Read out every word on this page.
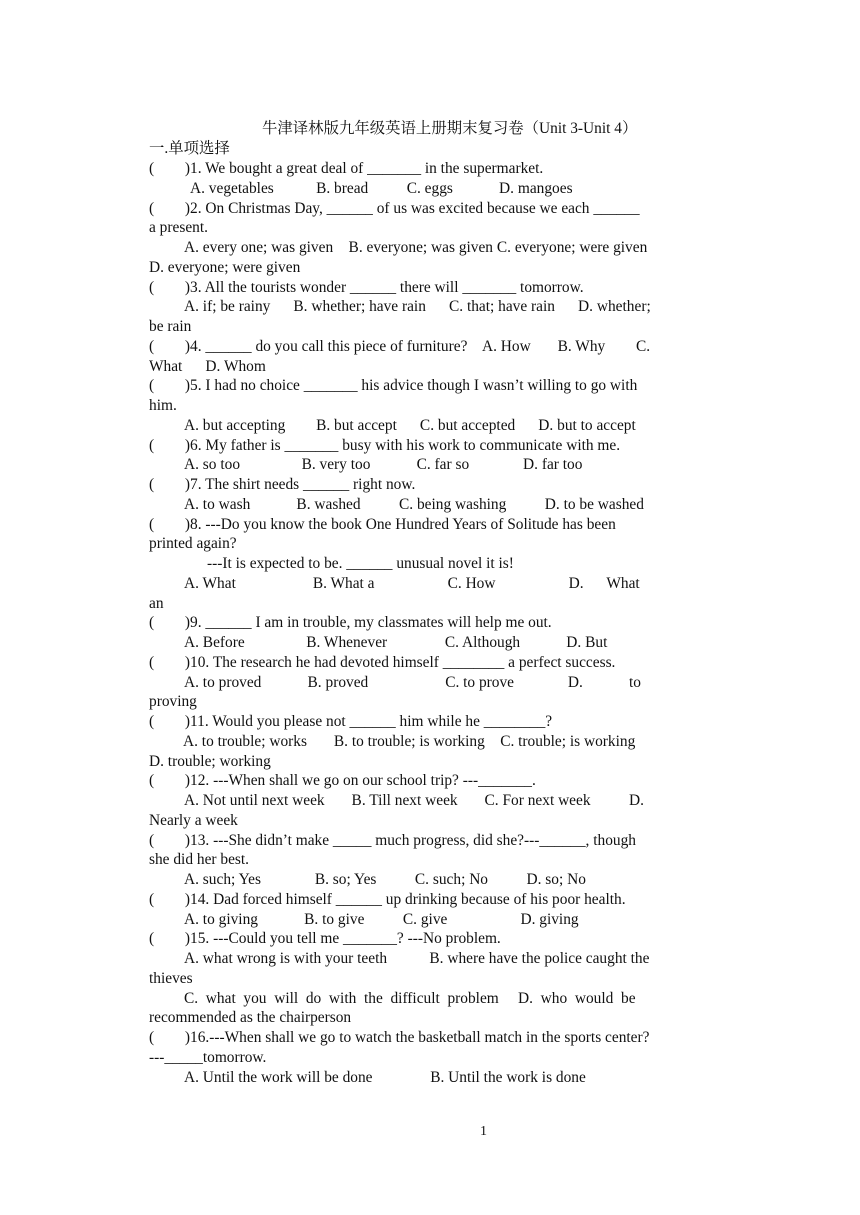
牛津译林版九年级英语上册期末复习卷（Unit 3-Unit 4）
一.单项选择
(        )1. We bought a great deal of _______ in the supermarket.
A. vegetables           B. bread          C. eggs            D. mangoes
(        )2. On Christmas Day, ______ of us was excited because we each ______
a present.
A. every one; was given    B. everyone; was given C. everyone; were given
D. everyone; were given
(        )3. All the tourists wonder ______ there will _______ tomorrow.
A. if; be rainy      B. whether; have rain      C. that; have rain      D. whether;
be rain
(        )4. ______ do you call this piece of furniture?    A. How       B. Why        C.
What      D. Whom
(        )5. I had no choice _______ his advice though I wasn’t willing to go with
him.
A. but accepting        B. but accept      C. but accepted      D. but to accept
(        )6. My father is _______ busy with his work to communicate with me.
A. so too                B. very too            C. far so              D. far too
(        )7. The shirt needs ______ right now.
A. to wash            B. washed          C. being washing          D. to be washed
(        )8. ---Do you know the book One Hundred Years of Solitude has been
printed again?
---It is expected to be. ______ unusual novel it is!
A. What                    B. What a                   C. How                   D.      What
an
(        )9. ______ I am in trouble, my classmates will help me out.
A. Before                B. Whenever               C. Although            D. But
(        )10. The research he had devoted himself ________ a perfect success.
A. to proved            B. proved                    C. to prove              D.            to
proving
(        )11. Would you please not ______ him while he ________?
A. to trouble; works       B. to trouble; is working    C. trouble; is working
D. trouble; working
(        )12. ---When shall we go on our school trip? ---_______.
A. Not until next week       B. Till next week       C. For next week          D.
Nearly a week
(        )13. ---She didn’t make _____ much progress, did she?---______, though
she did her best.
A. such; Yes              B. so; Yes          C. such; No          D. so; No
(        )14. Dad forced himself ______ up drinking because of his poor health.
A. to giving            B. to give          C. give                   D. giving
(        )15. ---Could you tell me _______? ---No problem.
A. what wrong is with your teeth           B. where have the police caught the
thieves
C.  what  you  will  do  with  the  difficult  problem     D.  who  would  be
recommended as the chairperson
(        )16.---When shall we go to watch the basketball match in the sports center?
---_____tomorrow.
A. Until the work will be done               B. Until the work is done
1
